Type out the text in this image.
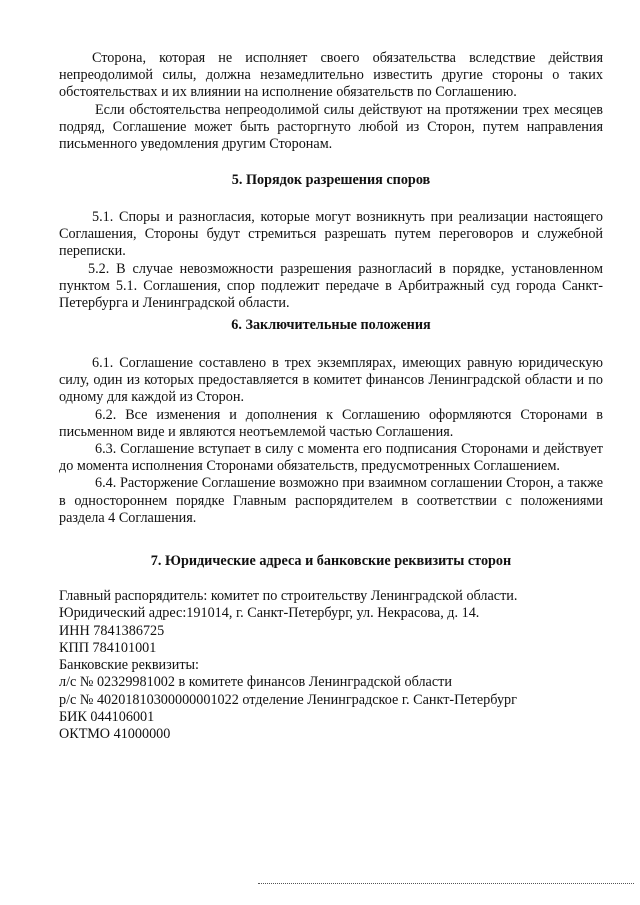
Сторона, которая не исполняет своего обязательства вследствие действия непреодолимой силы, должна незамедлительно известить другие стороны о таких обстоятельствах и их влиянии на исполнение обязательств по Соглашению.

Если обстоятельства непреодолимой силы действуют на протяжении трех месяцев подряд, Соглашение может быть расторгнуто любой из Сторон, путем направления письменного уведомления другим Сторонам.

5. Порядок разрешения споров

5.1. Споры и разногласия, которые могут возникнуть при реализации настоящего Соглашения, Стороны будут стремиться разрешать путем переговоров и служебной переписки.

5.2. В случае невозможности разрешения разногласий в порядке, установленном пунктом 5.1. Соглашения, спор подлежит передаче в Арбитражный суд города Санкт-Петербурга и Ленинградской области.

6. Заключительные положения

6.1. Соглашение составлено в трех экземплярах, имеющих равную юридическую силу, один из которых предоставляется в комитет финансов Ленинградской области и по одному для каждой из Сторон.

6.2. Все изменения и дополнения к Соглашению оформляются Сторонами в письменном виде и являются неотъемлемой частью Соглашения.

6.3. Соглашение вступает в силу с момента его подписания Сторонами и действует до момента исполнения Сторонами обязательств, предусмотренных Соглашением.

6.4. Расторжение Соглашение возможно при взаимном соглашении Сторон, а также в одностороннем порядке Главным распорядителем в соответствии с положениями раздела 4 Соглашения.

7. Юридические адреса и банковские реквизиты сторон

Главный распорядитель: комитет по строительству Ленинградской области.

Юридический адрес:191014, г. Санкт-Петербург, ул. Некрасова, д. 14.

ИНН 7841386725

КПП 784101001

Банковские реквизиты:

л/с № 02329981002 в комитете финансов Ленинградской области

р/с № 40201810300000001022 отделение Ленинградское г. Санкт-Петербург

БИК 044106001

ОКТМО 41000000
